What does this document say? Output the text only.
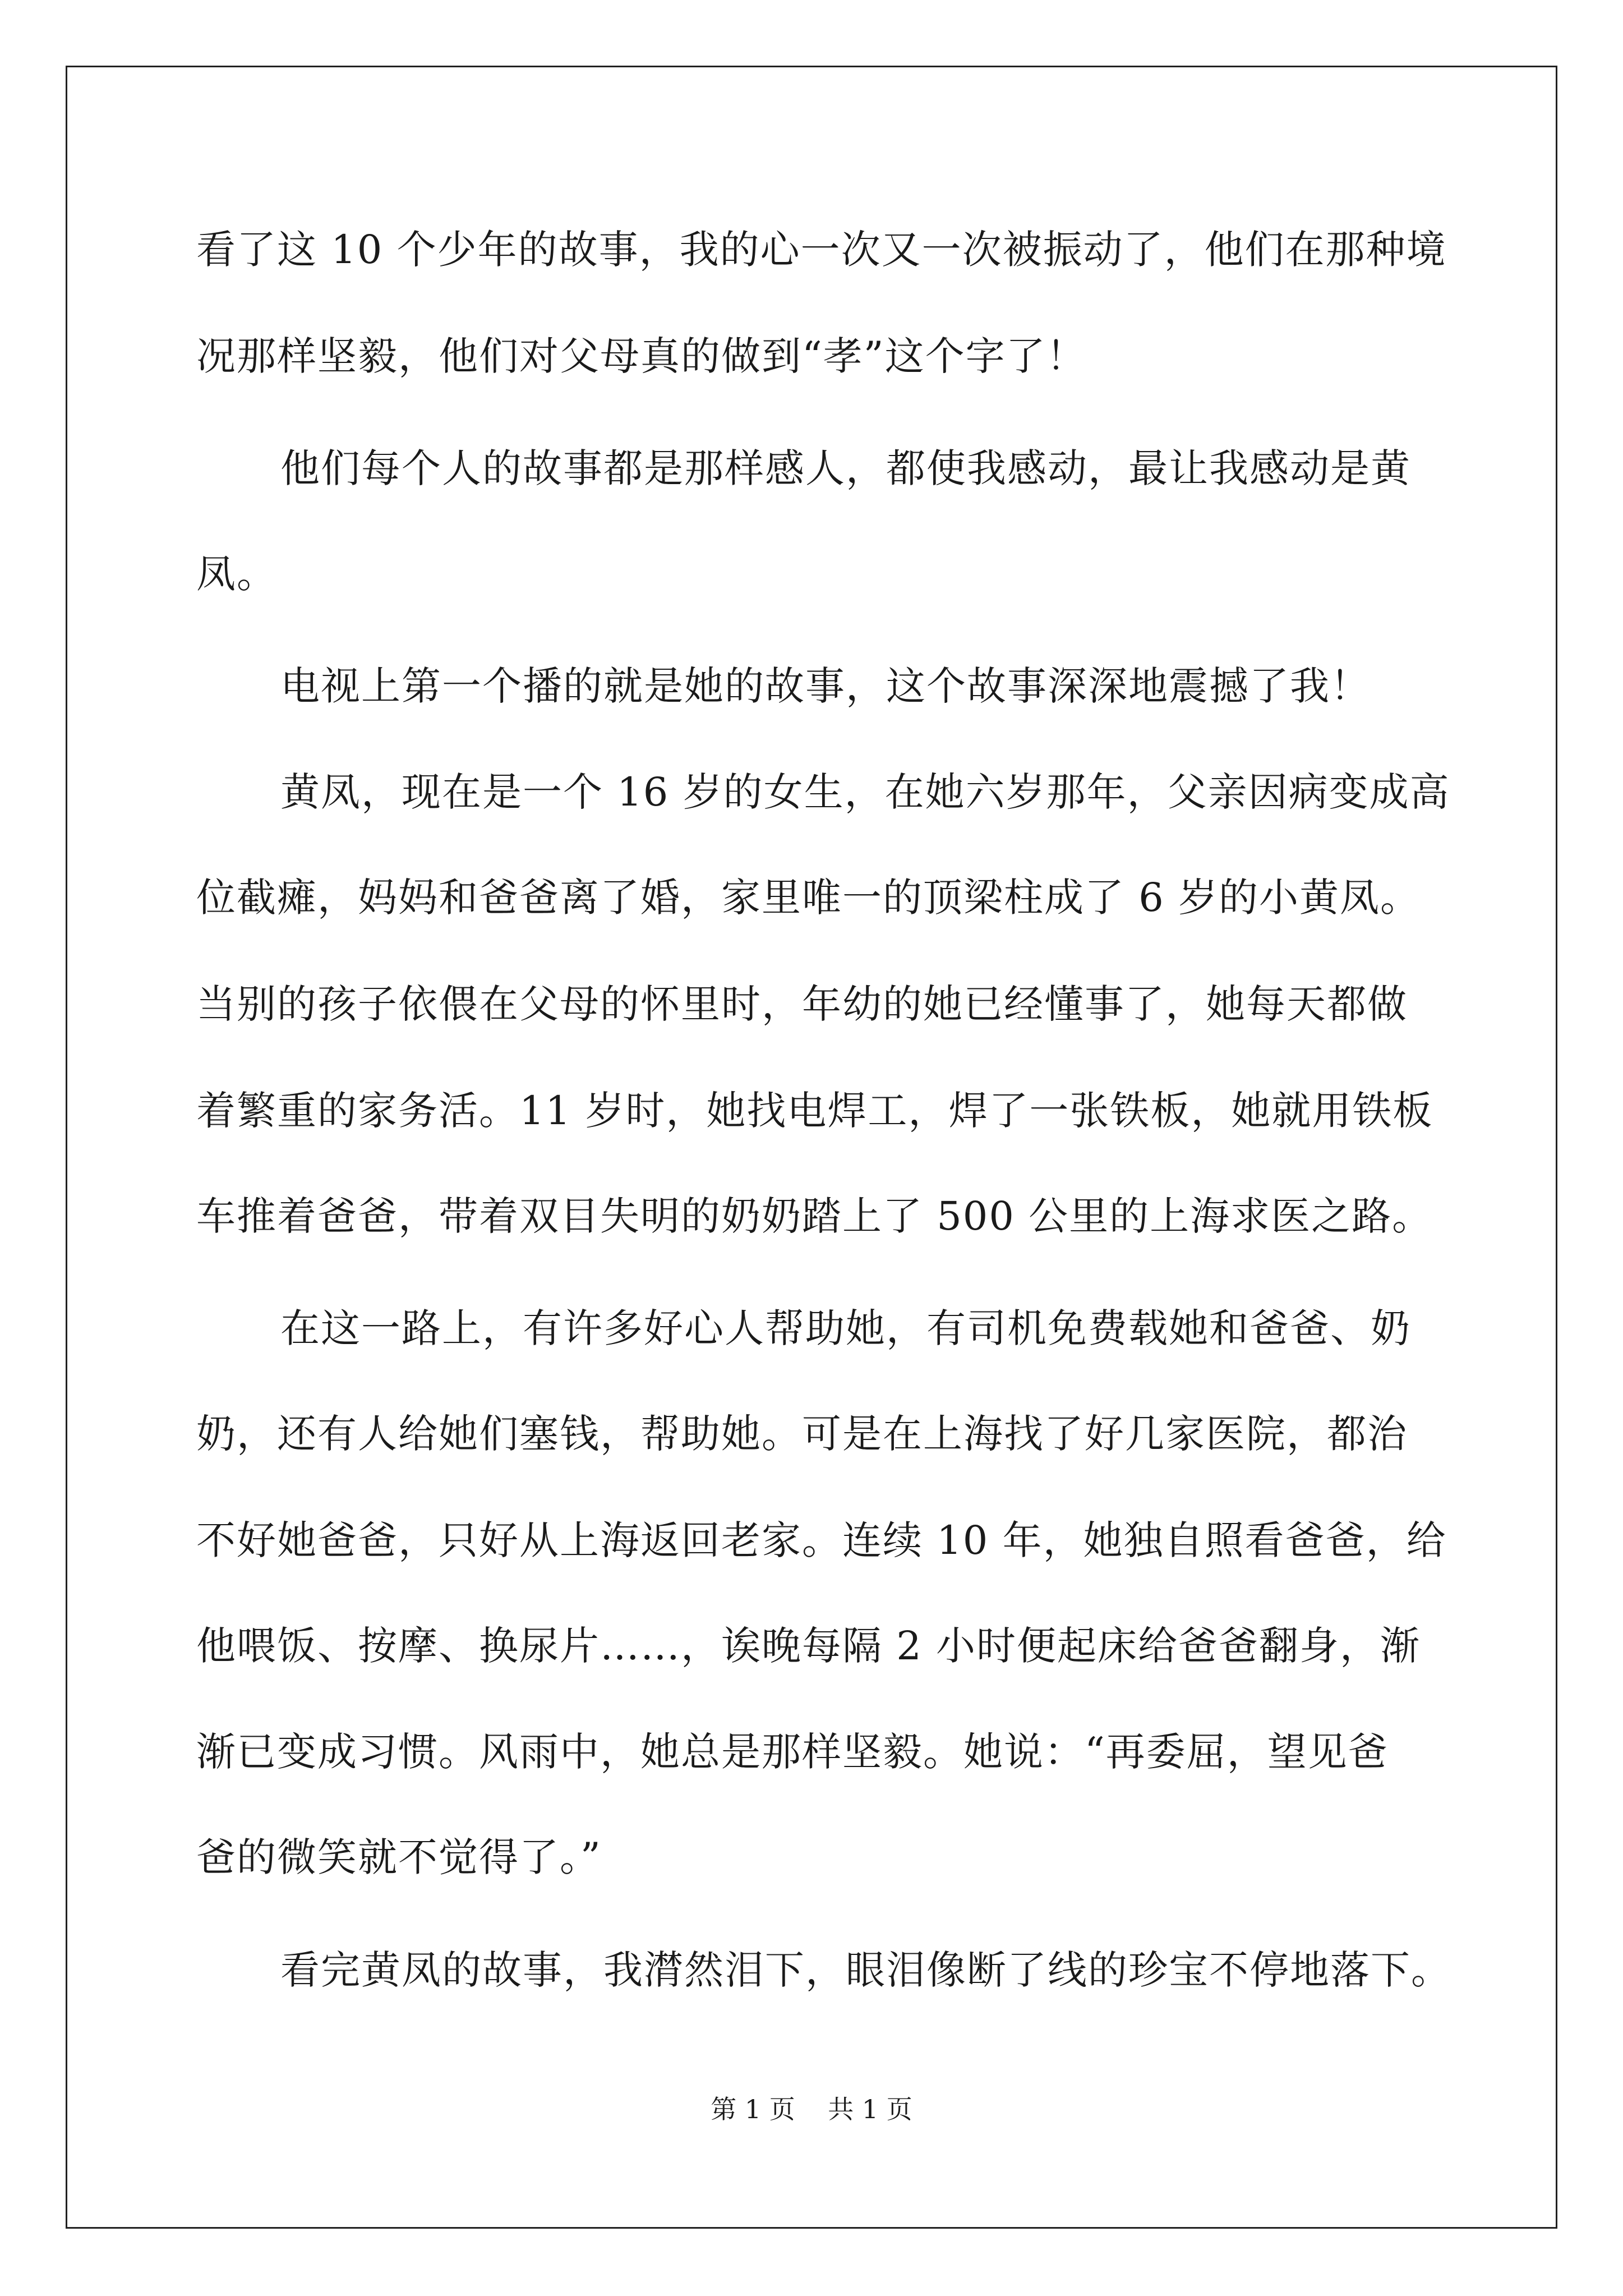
看了这 10 个少年的故事，我的心一次又一次被振动了，他们在那种境
况那样坚毅，他们对父母真的做到“孝”这个字了！
他们每个人的故事都是那样感人，都使我感动，最让我感动是黄
凤。
电视上第一个播的就是她的故事，这个故事深深地震撼了我！
黄凤，现在是一个 16 岁的女生，在她六岁那年，父亲因病变成高
位截瘫，妈妈和爸爸离了婚，家里唯一的顶梁柱成了 6 岁的小黄凤。
当别的孩子依偎在父母的怀里时，年幼的她已经懂事了，她每天都做
着繁重的家务活。11 岁时，她找电焊工，焊了一张铁板，她就用铁板
车推着爸爸，带着双目失明的奶奶踏上了 500 公里的上海求医之路。
在这一路上，有许多好心人帮助她，有司机免费载她和爸爸、奶
奶，还有人给她们塞钱，帮助她。可是在上海找了好几家医院，都治
不好她爸爸，只好从上海返回老家。连续 10 年，她独自照看爸爸，给
他喂饭、按摩、换尿片……，诶晚每隔 2 小时便起床给爸爸翻身，渐
渐已变成习惯。风雨中，她总是那样坚毅。她说：“再委屈，望见爸
爸的微笑就不觉得了。”
看完黄凤的故事，我潸然泪下，眼泪像断了线的珍宝不停地落下。
第 1 页    共 1 页
